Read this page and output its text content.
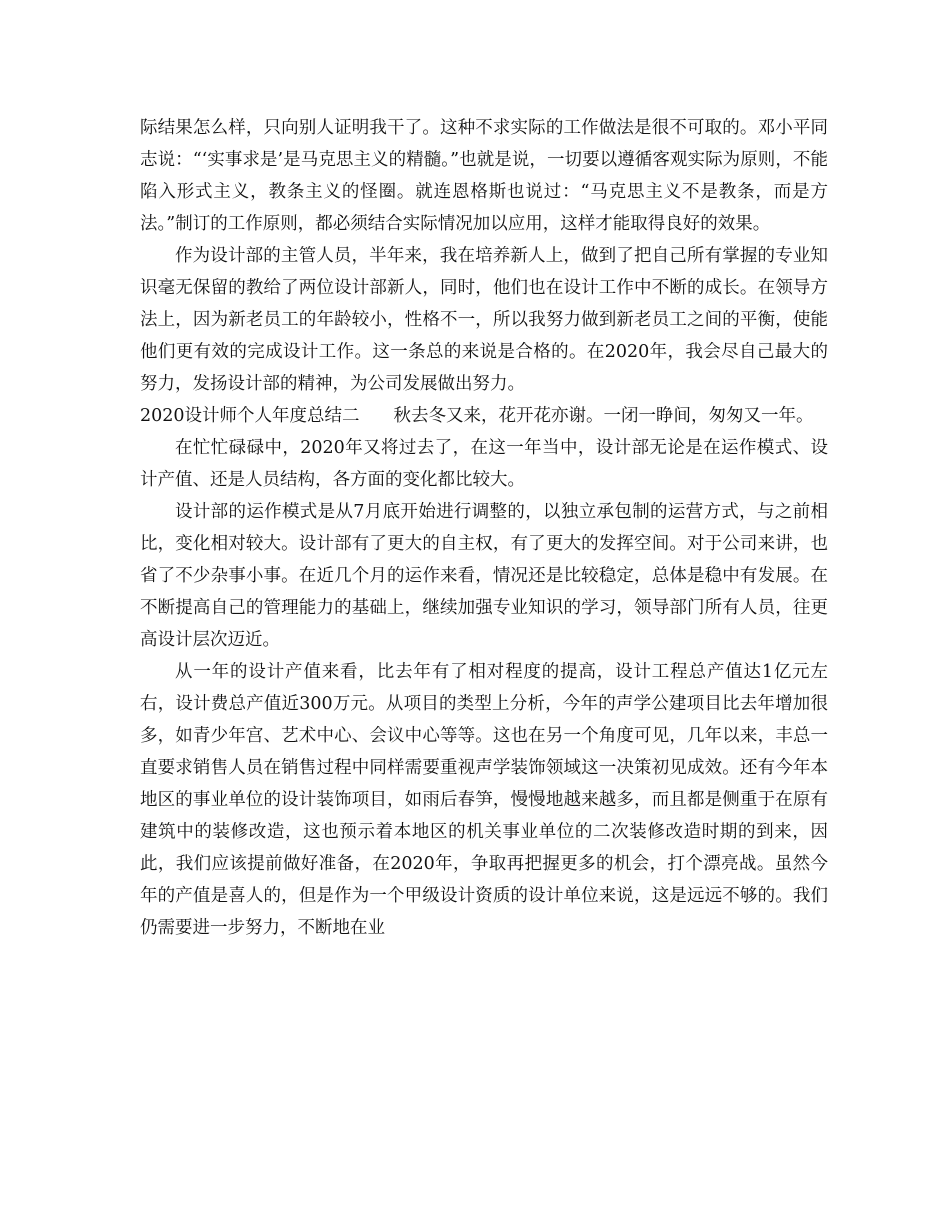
际结果怎么样，只向别人证明我干了。这种不求实际的工作做法是很不可取的。邓小平同志说：“‘实事求是’是马克思主义的精髓。”也就是说，一切要以遵循客观实际为原则，不能陷入形式主义，教条主义的怪圈。就连恩格斯也说过：“马克思主义不是教条，而是方法。”制订的工作原则，都必须结合实际情况加以应用，这样才能取得良好的效果。

作为设计部的主管人员，半年来，我在培养新人上，做到了把自己所有掌握的专业知识毫无保留的教给了两位设计部新人，同时，他们也在设计工作中不断的成长。在领导方法上，因为新老员工的年龄较小，性格不一，所以我努力做到新老员工之间的平衡，使能他们更有效的完成设计工作。这一条总的来说是合格的。在2020年，我会尽自己最大的努力，发扬设计部的精神，为公司发展做出努力。

2020设计师个人年度总结二 秋去冬又来，花开花亦谢。一闭一睁间，匆匆又一年。

在忙忙碌碌中，2020年又将过去了，在这一年当中，设计部无论是在运作模式、设计产值、还是人员结构，各方面的变化都比较大。

设计部的运作模式是从7月底开始进行调整的，以独立承包制的运营方式，与之前相比，变化相对较大。设计部有了更大的自主权，有了更大的发挥空间。对于公司来讲，也省了不少杂事小事。在近几个月的运作来看，情况还是比较稳定，总体是稳中有发展。在不断提高自己的管理能力的基础上，继续加强专业知识的学习，领导部门所有人员，往更高设计层次迈近。

从一年的设计产值来看，比去年有了相对程度的提高，设计工程总产值达1亿元左右，设计费总产值近300万元。从项目的类型上分析，今年的声学公建项目比去年增加很多，如青少年宫、艺术中心、会议中心等等。这也在另一个角度可见，几年以来，丰总一直要求销售人员在销售过程中同样需要重视声学装饰领域这一决策初见成效。还有今年本地区的事业单位的设计装饰项目，如雨后春笋，慢慢地越来越多，而且都是侧重于在原有建筑中的装修改造，这也预示着本地区的机关事业单位的二次装修改造时期的到来，因此，我们应该提前做好准备，在2020年，争取再把握更多的机会，打个漂亮战。虽然今年的产值是喜人的，但是作为一个甲级设计资质的设计单位来说，这是远远不够的。我们仍需要进一步努力，不断地在业
